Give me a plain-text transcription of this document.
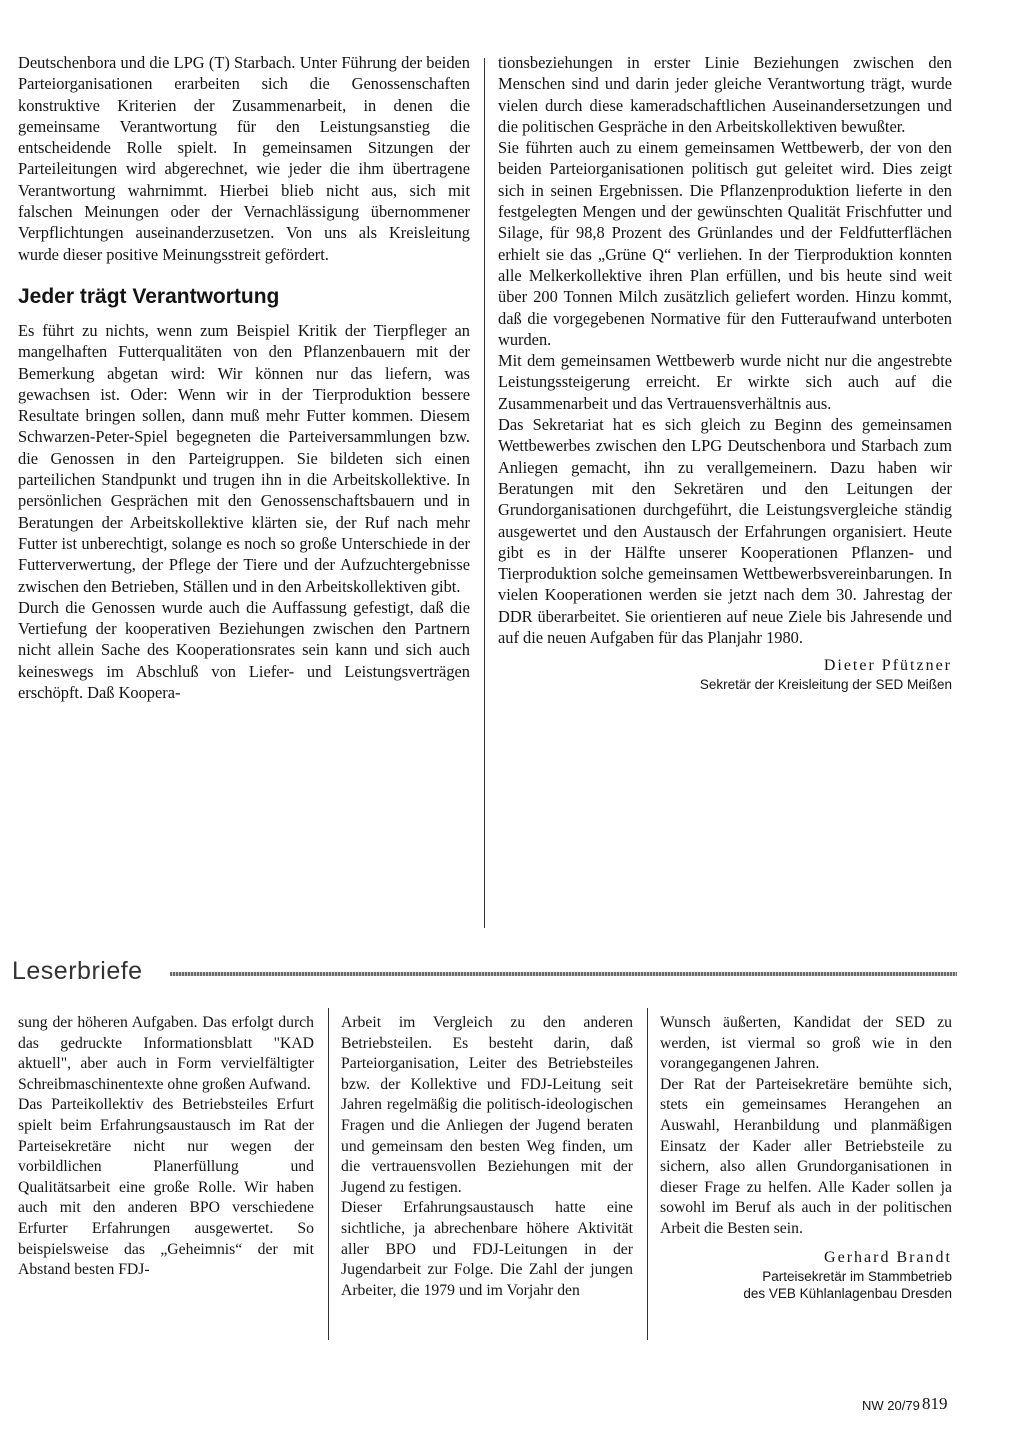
Deutschenbora und die LPG (T) Starbach. Unter Führung der beiden Parteiorganisationen erarbeiten sich die Genossenschaften konstruktive Kriterien der Zusammenarbeit, in denen die gemeinsame Verantwortung für den Leistungsanstieg die entscheidende Rolle spielt. In gemeinsamen Sitzungen der Parteileitungen wird abgerechnet, wie jeder die ihm übertragene Verantwortung wahrnimmt. Hierbei blieb nicht aus, sich mit falschen Meinungen oder der Vernachlässigung übernommener Verpflichtungen auseinanderzusetzen. Von uns als Kreisleitung wurde dieser positive Meinungsstreit gefördert.

Jeder trägt Verantwortung

Es führt zu nichts, wenn zum Beispiel Kritik der Tierpfleger an mangelhaften Futterqualitäten von den Pflanzenbauern mit der Bemerkung abgetan wird: Wir können nur das liefern, was gewachsen ist. Oder: Wenn wir in der Tierproduktion bessere Resultate bringen sollen, dann muß mehr Futter kommen. Diesem Schwarzen-Peter-Spiel begegneten die Parteiversammlungen bzw. die Genossen in den Parteigruppen. Sie bildeten sich einen parteilichen Standpunkt und trugen ihn in die Arbeitskollektive. In persönlichen Gesprächen mit den Genossenschaftsbauern und in Beratungen der Arbeitskollektive klärten sie, der Ruf nach mehr Futter ist unberechtigt, solange es noch so große Unterschiede in der Futterverwertung, der Pflege der Tiere und der Aufzuchtergebnisse zwischen den Betrieben, Ställen und in den Arbeitskollektiven gibt.

Durch die Genossen wurde auch die Auffassung gefestigt, daß die Vertiefung der kooperativen Beziehungen zwischen den Partnern nicht allein Sache des Kooperationsrates sein kann und sich auch keineswegs im Abschluß von Liefer- und Leistungsverträgen erschöpft. Daß Koopera-

tionsbeziehungen in erster Linie Beziehungen zwischen den Menschen sind und darin jeder gleiche Verantwortung trägt, wurde vielen durch diese kameradschaftlichen Auseinandersetzungen und die politischen Gespräche in den Arbeitskollektiven bewußter.

Sie führten auch zu einem gemeinsamen Wettbewerb, der von den beiden Parteiorganisationen politisch gut geleitet wird. Dies zeigt sich in seinen Ergebnissen. Die Pflanzenproduktion lieferte in den festgelegten Mengen und der gewünschten Qualität Frischfutter und Silage, für 98,8 Prozent des Grünlandes und der Feldfutterflächen erhielt sie das „Grüne Q“ verliehen. In der Tierproduktion konnten alle Melkerkollektive ihren Plan erfüllen, und bis heute sind weit über 200 Tonnen Milch zusätzlich geliefert worden. Hinzu kommt, daß die vorgegebenen Normative für den Futteraufwand unterboten wurden.

Mit dem gemeinsamen Wettbewerb wurde nicht nur die angestrebte Leistungssteigerung erreicht. Er wirkte sich auch auf die Zusammenarbeit und das Vertrauensverhältnis aus.

Das Sekretariat hat es sich gleich zu Beginn des gemeinsamen Wettbewerbes zwischen den LPG Deutschenbora und Starbach zum Anliegen gemacht, ihn zu verallgemeinern. Dazu haben wir Beratungen mit den Sekretären und den Leitungen der Grundorganisationen durchgeführt, die Leistungsvergleiche ständig ausgewertet und den Austausch der Erfahrungen organisiert. Heute gibt es in der Hälfte unserer Kooperationen Pflanzen- und Tierproduktion solche gemeinsamen Wettbewerbsvereinbarungen. In vielen Kooperationen werden sie jetzt nach dem 30. Jahrestag der DDR überarbeitet. Sie orientieren auf neue Ziele bis Jahresende und auf die neuen Aufgaben für das Planjahr 1980.

Dieter Pfützner
Sekretär der Kreisleitung der SED Meißen
Leserbriefe

sung der höheren Aufgaben. Das erfolgt durch das gedruckte Informationsblatt "KAD aktuell", aber auch in Form vervielfältigter Schreibmaschinentexte ohne großen Aufwand.

Das Parteikollektiv des Betriebsteiles Erfurt spielt beim Erfahrungsaustausch im Rat der Parteisekretäre nicht nur wegen der vorbildlichen Planerfüllung und Qualitätsarbeit eine große Rolle. Wir haben auch mit den anderen BPO verschiedene Erfurter Erfahrungen ausgewertet. So beispielsweise das „Geheimnis“ der mit Abstand besten FDJ-

Arbeit im Vergleich zu den anderen Betriebsteilen. Es besteht darin, daß Parteiorganisation, Leiter des Betriebsteiles bzw. der Kollektive und FDJ-Leitung seit Jahren regelmäßig die politisch-ideologischen Fragen und die Anliegen der Jugend beraten und gemeinsam den besten Weg finden, um die vertrauensvollen Beziehungen mit der Jugend zu festigen.

Dieser Erfahrungsaustausch hatte eine sichtliche, ja abrechenbare höhere Aktivität aller BPO und FDJ-Leitungen in der Jugendarbeit zur Folge. Die Zahl der jungen Arbeiter, die 1979 und im Vorjahr den

Wunsch äußerten, Kandidat der SED zu werden, ist viermal so groß wie in den vorangegangenen Jahren.

Der Rat der Parteisekretäre bemühte sich, stets ein gemeinsames Herangehen an Auswahl, Heranbildung und planmäßigen Einsatz der Kader aller Betriebsteile zu sichern, also allen Grundorganisationen in dieser Frage zu helfen. Alle Kader sollen ja sowohl im Beruf als auch in der politischen Arbeit die Besten sein.

Gerhard Brandt
Parteisekretär im Stammbetrieb
des VEB Kühlanlagenbau Dresden
NW 20/79 819
